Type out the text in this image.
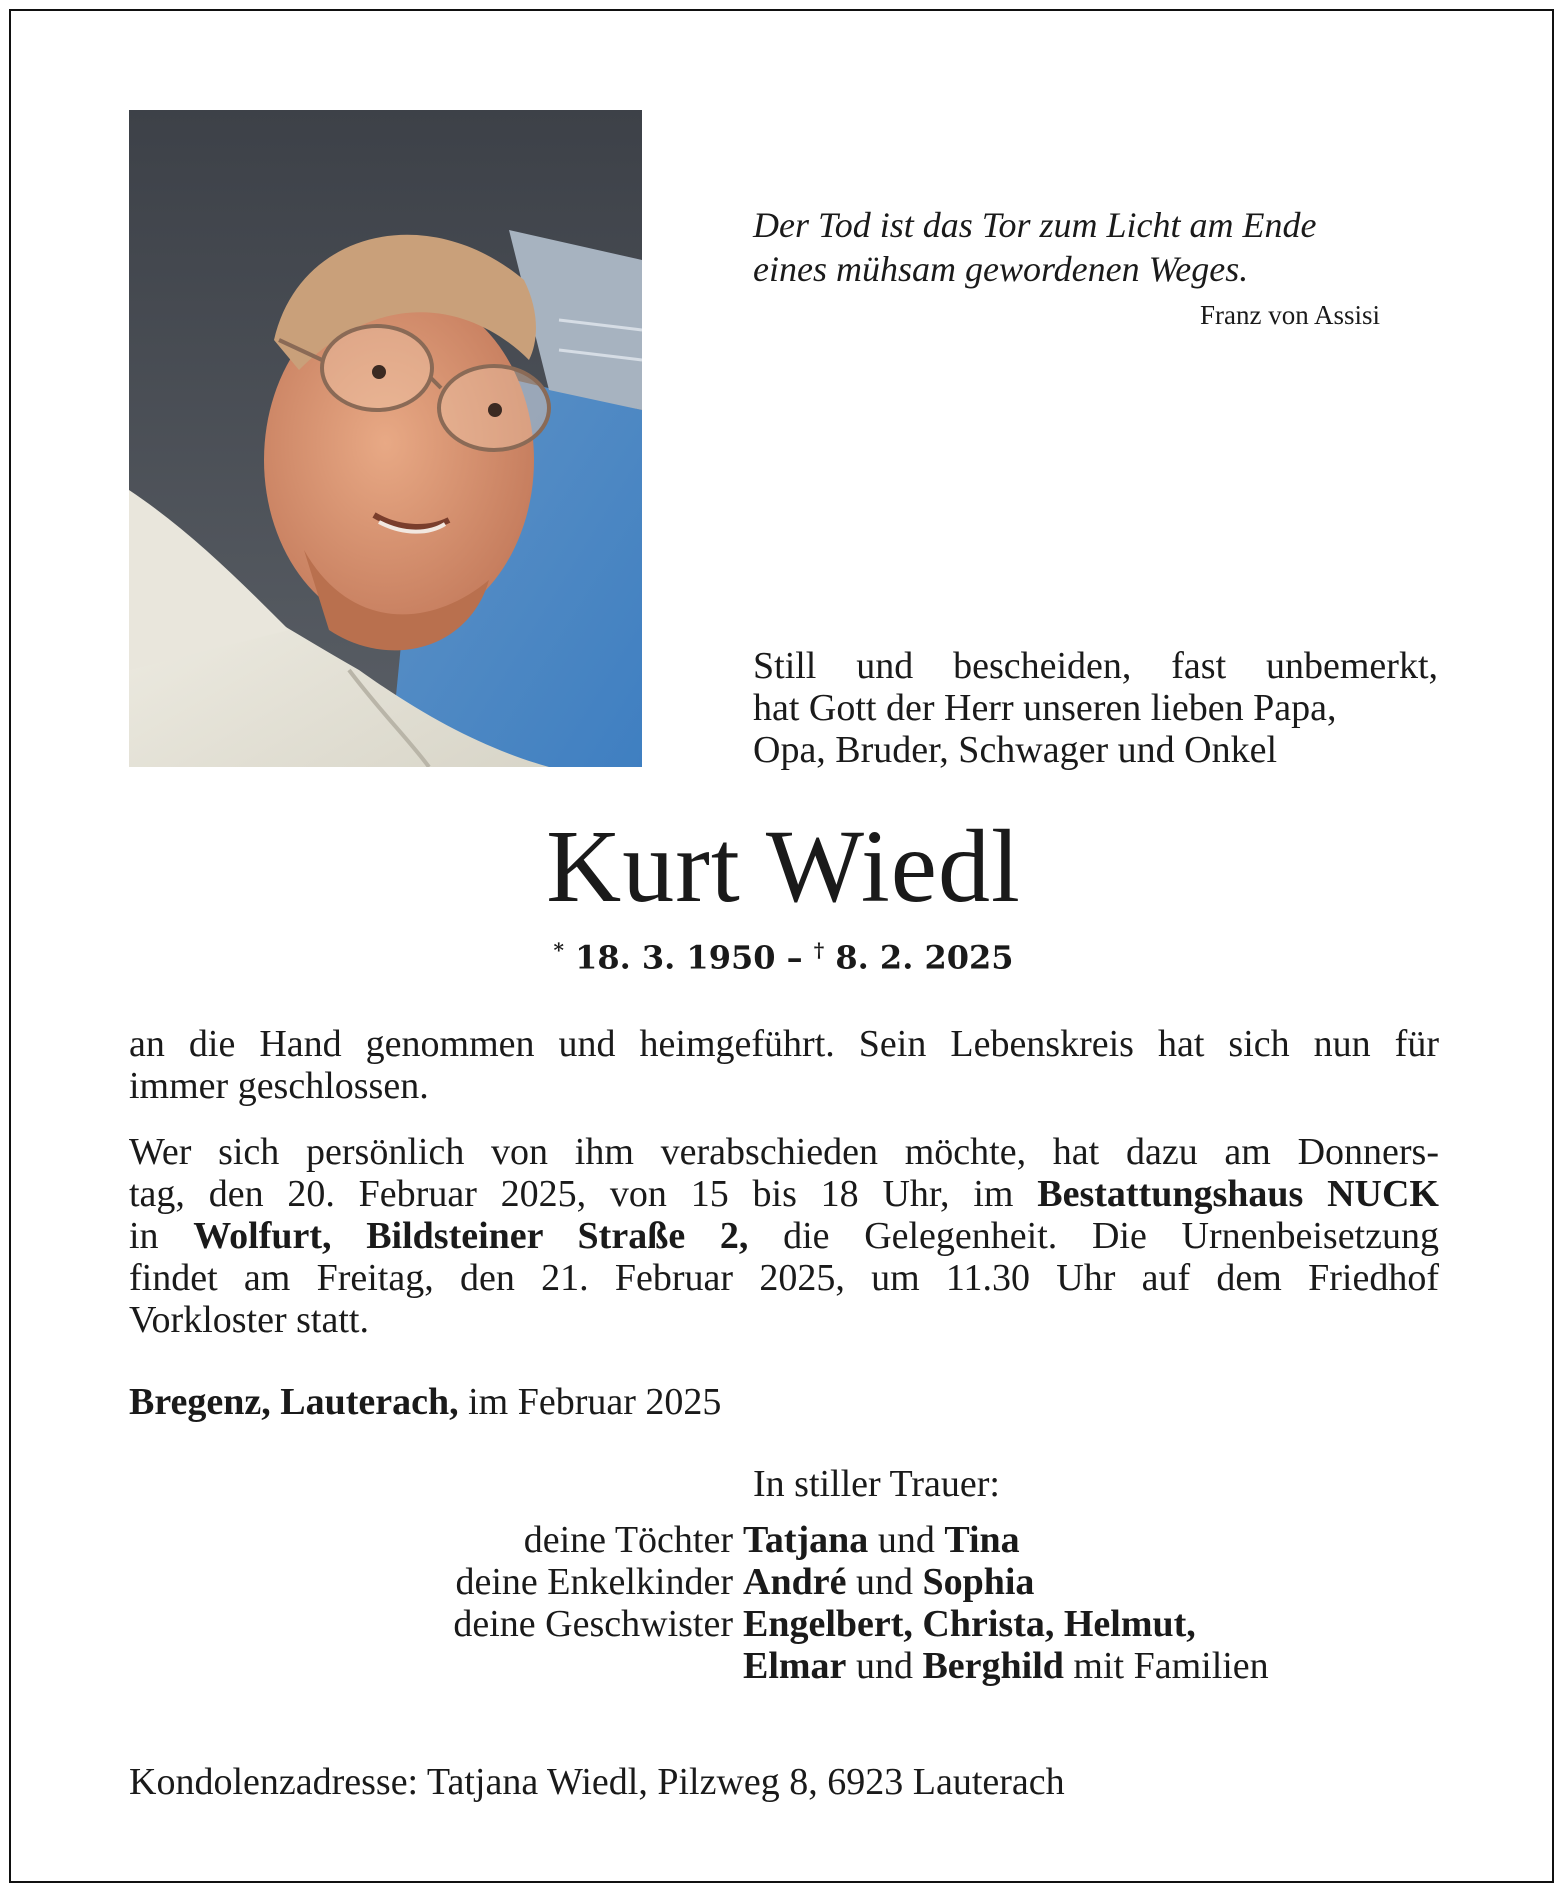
Der Tod ist das Tor zum Licht am Ende
eines mühsam gewordenen Weges.
Franz von Assisi
Still und bescheiden, fast unbemerkt,
hat Gott der Herr unseren lieben Papa,
Opa, Bruder, Schwager und Onkel
Kurt Wiedl
* 18. 3. 1950 – † 8. 2. 2025
an die Hand genommen und heimgeführt. Sein Lebenskreis hat sich nun für
immer geschlossen.
Wer sich persönlich von ihm verabschieden möchte, hat dazu am Donners-
tag, den 20. Februar 2025, von 15 bis 18 Uhr, im Bestattungshaus NUCK
in Wolfurt, Bildsteiner Straße 2, die Gelegenheit. Die Urnenbeisetzung
findet am Freitag, den 21. Februar 2025, um 11.30 Uhr auf dem Friedhof
Vorkloster statt.
Bregenz, Lauterach, im Februar 2025
In stiller Trauer:
deine Töchter Tatjana und Tina
deine Enkelkinder André und Sophia
deine Geschwister Engelbert, Christa, Helmut,
Elmar und Berghild mit Familien
Kondolenzadresse: Tatjana Wiedl, Pilzweg 8, 6923 Lauterach
